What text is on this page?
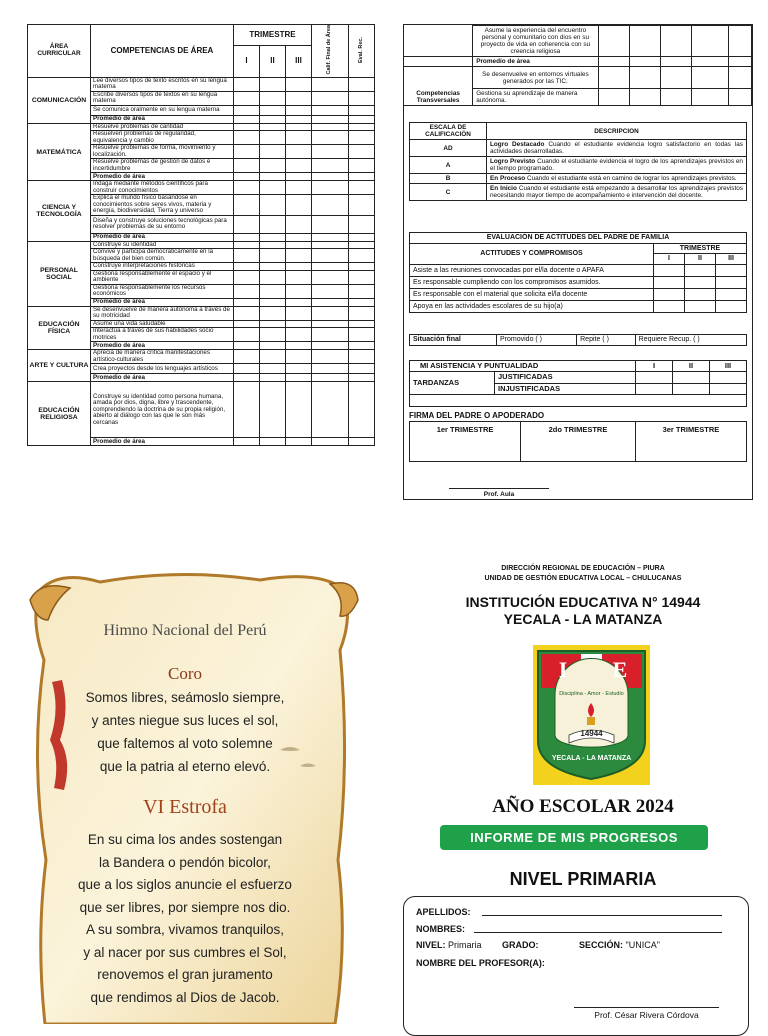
ÁREA CURRICULAR	COMPETENCIAS DE ÁREA	TRIMESTRE			Calif. Final de Área	Eval. Rec.
		I	II	III		
COMUNICACIÓN	Lee diversos tipos de texto escritos en su lengua materna					
	Escribe diversos tipos de textos en su lengua materna					
	Se comunica oralmente en su lengua materna					
	Promedio de área					
MATEMÁTICA	Resuelve problemas de cantidad					
	Resuelven problemas de regularidad, equivalencia y cambio					
	Resuelve problemas de forma, movimiento y localización.					
	Resuelve problemas de gestión de datos e incertidumbre					
	Promedio de área					
CIENCIA Y TECNOLOGÍA	Indaga mediante métodos científicos para construir conocimientos					
	Explica el mundo físico basándose en conocimientos sobre seres vivos, materia y energía, biodiversidad, Tierra y universo					
	Diseña y construye soluciones tecnológicas para resolver problemas de su entorno					
	Promedio de área					
PERSONAL SOCIAL	Construye su identidad					
	Convive y participa democráticamente en la búsqueda del bien común.					
	Construye interpretaciones históricas					
	Gestiona responsablemente el espacio y el ambiente					
	Gestiona responsablemente los recursos económicos					
	Promedio de área					
EDUCACIÓN FÍSICA	Se desenvuelve de manera autónoma a través de su motricidad					
	Asume una vida saludable					
	Interactúa a través de sus habilidades socio motrices					
	Promedio de área					
ARTE Y CULTURA	Aprecia de manera crítica manifestaciones artístico-culturales					
	Crea proyectos desde los lenguajes artísticos					
	Promedio de área					
EDUCACIÓN RELIGIOSA	Construye su identidad como persona humana, amada por dios, digna, libre y trascendente, comprendiendo la doctrina de su propia religión, abierto al diálogo con las que le son más cercanas					
	Promedio de área					
	Asume la experiencia del encuentro personal y comunitario con dios en su proyecto de vida en coherencia con su creencia religiosa					
	Promedio de área					
Competencias Transversales	Se desenvuelve en entornos virtuales generados por las TIC.					
	Gestiona su aprendizaje de manera autónoma.					
ESCALA DE CALIFICACIÓN	DESCRIPCION
AD	Logro Destacado Cuando el estudiante evidencia logro satisfactorio en todas las actividades desarrolladas.
A	Logro Previsto Cuando el estudiante evidencia el logro de los aprendizajes previstos en el tiempo programado.
B	En Proceso Cuando el estudiante está en camino de lograr los aprendizajes previstos.
C	En Inicio Cuando el estudiante está empezando a desarrollar los aprendizajes previstos necesitando mayor tiempo de acompañamiento e intervención del docente.
EVALUACIÓN DE ACTITUDES DEL PADRE DE FAMILIA			
ACTITUDES Y COMPROMISOS	TRIMESTRE		
	I	II	III
Asiste a las reuniones convocadas por el/la docente o APAFA			
Es responsable cumpliendo con los compromisos asumidos.			
Es responsable con el material que solicita el/la docente			
Apoya en las actividades escolares de su hijo(a)			
Situación final	Promovido ( )	Repite ( )	Requiere Recup. ( )
MI ASISTENCIA Y PUNTUALIDAD		I	II	III
TARDANZAS	JUSTIFICADAS			
	INJUSTIFICADAS			

FIRMA DEL PADRE O APODERADO
1er TRIMESTRE	2do TRIMESTRE	3er TRIMESTRE
Prof. Aula
Himno Nacional del Perú
Coro
Somos libres, seámoslo siempre,
y antes niegue sus luces el sol,
que faltemos al voto solemne
que la patria al eterno elevó.
VI Estrofa
En su cima los andes sostengan
la Bandera o pendón bicolor,
que a los siglos anuncie el esfuerzo
que ser libres, por siempre nos dio.
A su sombra, vivamos tranquilos,
y al nacer por sus cumbres el Sol,
renovemos el gran juramento
que rendimos al Dios de Jacob.
DIRECCIÓN REGIONAL DE EDUCACIÓN – PIURA
UNIDAD DE GESTIÓN EDUCATIVA LOCAL – CHULUCANAS
INSTITUCIÓN EDUCATIVA N° 14944
YECALA - LA MATANZA
I	E
Disciplina - Amor - Estudio
14944
YECALA - LA MATANZA
AÑO ESCOLAR 2024
INFORME DE MIS PROGRESOS
NIVEL PRIMARIA
APELLIDOS:
NOMBRES:
NIVEL: Primaria GRADO:	SECCIÓN: "UNICA"
NOMBRE DEL PROFESOR(A):
Prof. César Rivera Córdova
